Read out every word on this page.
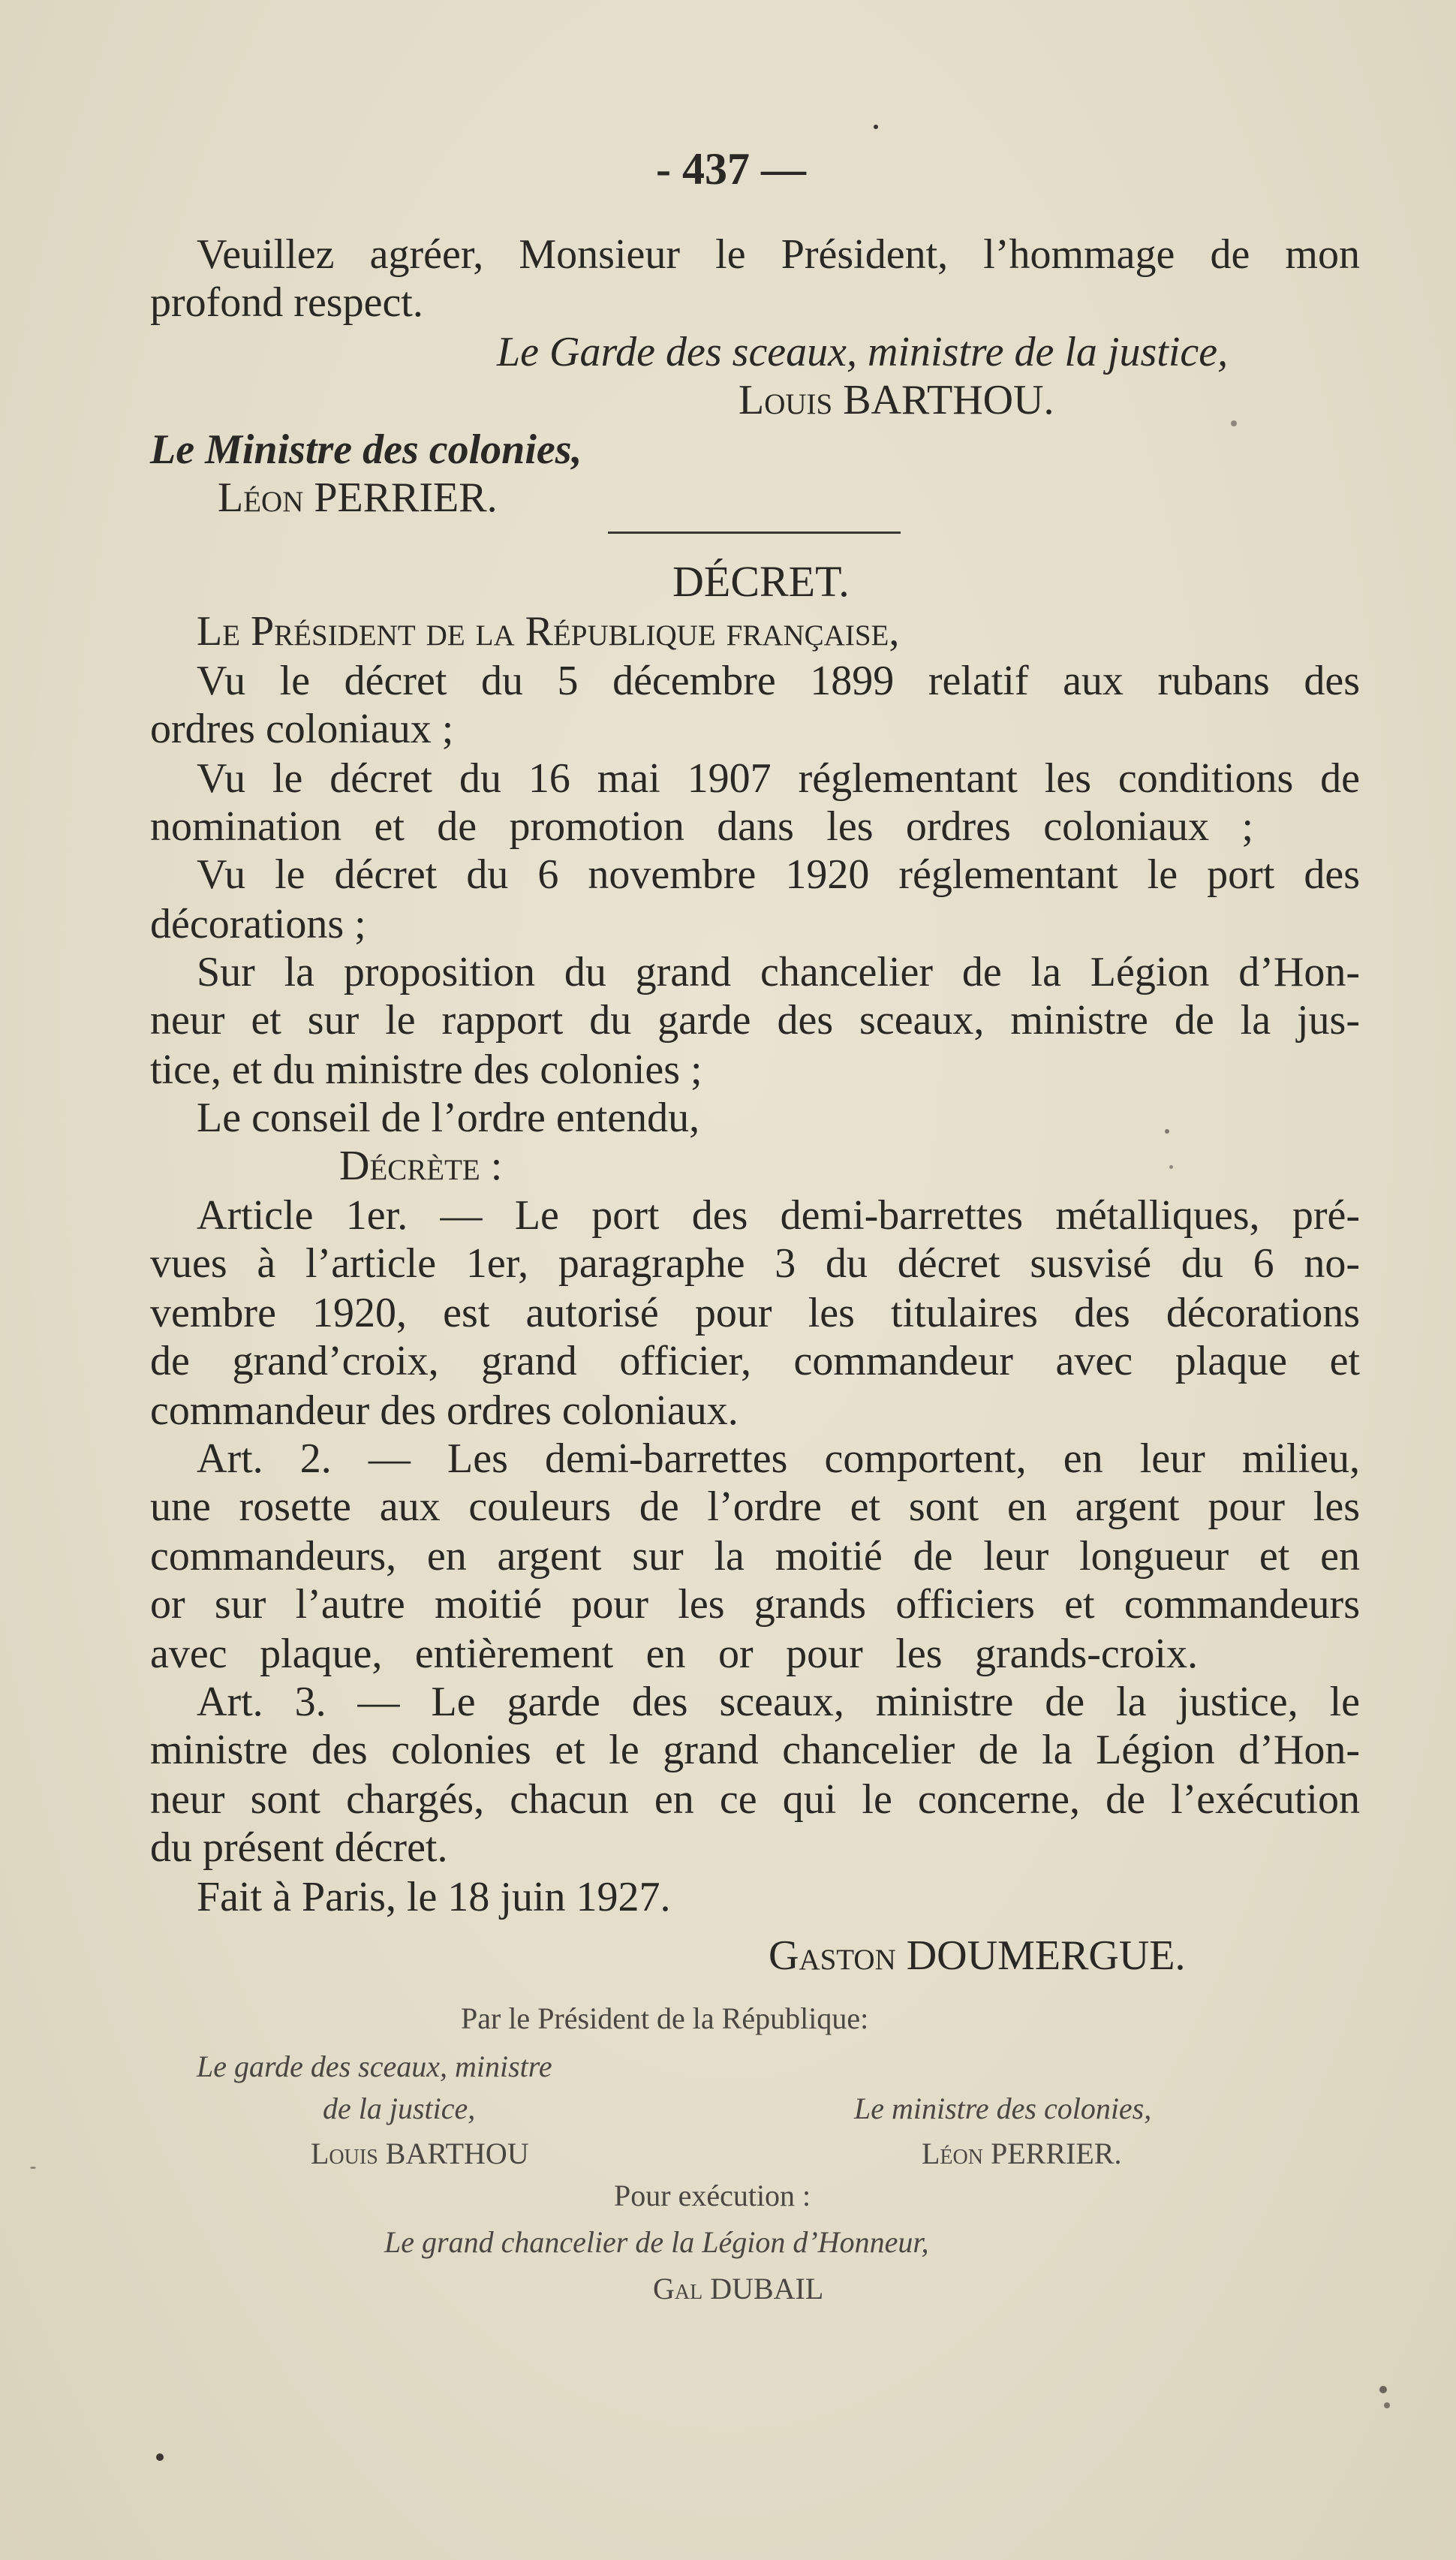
- 437 —
Veuillez agréer, Monsieur le Président, l’hommage de mon
profond respect.
Le Garde des sceaux, ministre de la justice,
Louis BARTHOU.
Le Ministre des colonies,
Léon PERRIER.
DÉCRET.
Le Président de la République française,
Vu le décret du 5 décembre 1899 relatif aux rubans des
ordres coloniaux ;
Vu le décret du 16 mai 1907 réglementant les conditions de
nomination et de promotion dans les ordres coloniaux ;
Vu le décret du 6 novembre 1920 réglementant le port des
décorations ;
Sur la proposition du grand chancelier de la Légion d’Hon-
neur et sur le rapport du garde des sceaux, ministre de la jus-
tice, et du ministre des colonies ;
Le conseil de l’ordre entendu,
Décrète :
Article 1er. — Le port des demi-barrettes métalliques, pré-
vues à l’article 1er, paragraphe 3 du décret susvisé du 6 no-
vembre 1920, est autorisé pour les titulaires des décorations
de grand’croix, grand officier, commandeur avec plaque et
commandeur des ordres coloniaux.
Art. 2. — Les demi-barrettes comportent, en leur milieu,
une rosette aux couleurs de l’ordre et sont en argent pour les
commandeurs, en argent sur la moitié de leur longueur et en
or sur l’autre moitié pour les grands officiers et commandeurs
avec plaque, entièrement en or pour les grands-croix.
Art. 3. — Le garde des sceaux, ministre de la justice, le
ministre des colonies et le grand chancelier de la Légion d’Hon-
neur sont chargés, chacun en ce qui le concerne, de l’exécution
du présent décret.
Fait à Paris, le 18 juin 1927.
Gaston DOUMERGUE.
Par le Président de la République:
Le garde des sceaux, ministre
de la justice,	Le ministre des colonies,
Louis BARTHOU	Léon PERRIER.
Pour exécution :
Le grand chancelier de la Légion d’Honneur,
Gal DUBAIL
